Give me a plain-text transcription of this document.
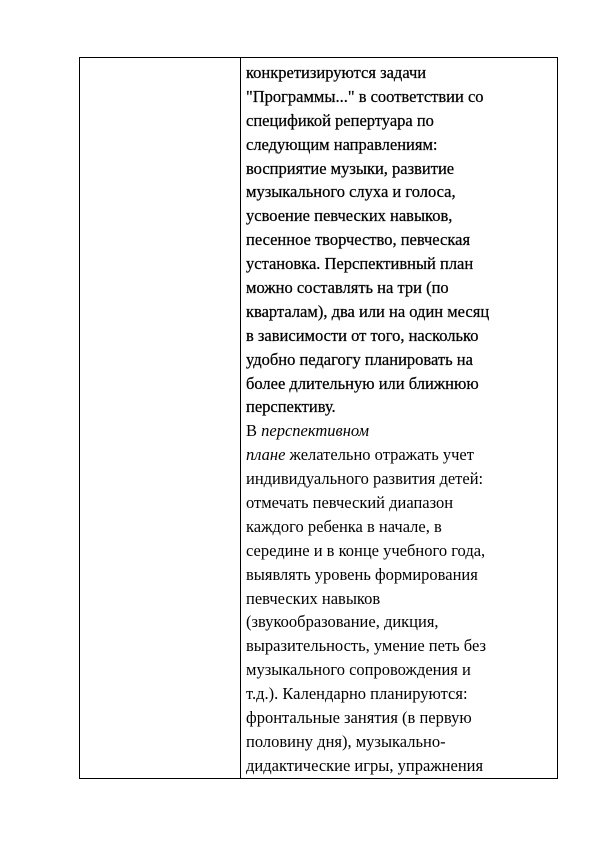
конкретизируются задачи
"Программы..." в соответствии со
спецификой репертуара по
следующим направлениям:
восприятие музыки, развитие
музыкального слуха и голоса,
усвоение певческих навыков,
песенное творчество, певческая
установка. Перспективный план
можно составлять на три (по
кварталам), два или на один месяц
в зависимости от того, насколько
удобно педагогу планировать на
более длительную или ближнюю
перспективу.
В перспективном
плане желательно отражать учет
индивидуального развития детей:
отмечать певческий диапазон
каждого ребенка в начале, в
середине и в конце учебного года,
выявлять уровень формирования
певческих навыков
(звукообразование, дикция,
выразительность, умение петь без
музыкального сопровождения и
т.д.). Календарно планируются:
фронтальные занятия (в первую
половину дня), музыкально-
дидактические игры, упражнения
